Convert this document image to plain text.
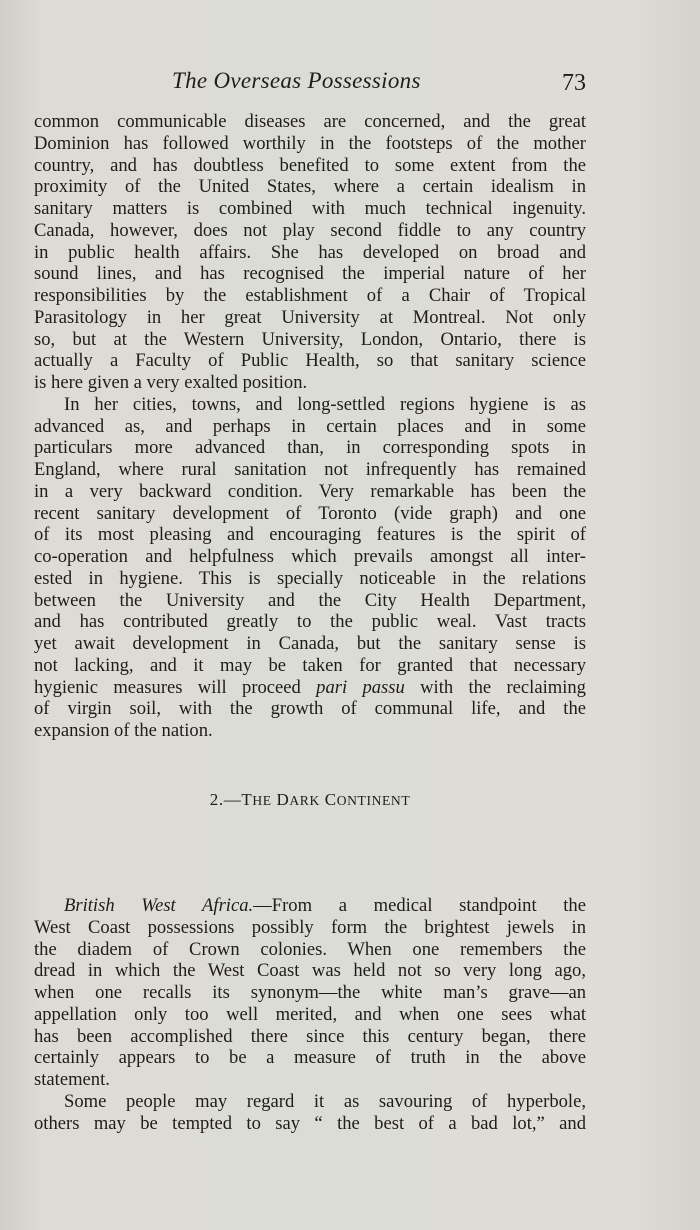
The Overseas Possessions	73

common communicable diseases are concerned, and the great
Dominion has followed worthily in the footsteps of the mother
country, and has doubtless benefited to some extent from the
proximity of the United States, where a certain idealism in
sanitary matters is combined with much technical ingenuity.
Canada, however, does not play second fiddle to any country
in public health affairs. She has developed on broad and
sound lines, and has recognised the imperial nature of her
responsibilities by the establishment of a Chair of Tropical
Parasitology in her great University at Montreal. Not only
so, but at the Western University, London, Ontario, there is
actually a Faculty of Public Health, so that sanitary science
is here given a very exalted position.

In her cities, towns, and long-settled regions hygiene is as
advanced as, and perhaps in certain places and in some
particulars more advanced than, in corresponding spots in
England, where rural sanitation not infrequently has remained
in a very backward condition. Very remarkable has been the
recent sanitary development of Toronto (vide graph) and one
of its most pleasing and encouraging features is the spirit of
co-operation and helpfulness which prevails amongst all inter-
ested in hygiene. This is specially noticeable in the relations
between the University and the City Health Department,
and has contributed greatly to the public weal. Vast tracts
yet await development in Canada, but the sanitary sense is
not lacking, and it may be taken for granted that necessary
hygienic measures will proceed pari passu with the reclaiming
of virgin soil, with the growth of communal life, and the
expansion of the nation.

2.—THE DARK CONTINENT

British West Africa.—From a medical standpoint the
West Coast possessions possibly form the brightest jewels in
the diadem of Crown colonies. When one remembers the
dread in which the West Coast was held not so very long ago,
when one recalls its synonym—the white man’s grave—an
appellation only too well merited, and when one sees what
has been accomplished there since this century began, there
certainly appears to be a measure of truth in the above
statement.

Some people may regard it as savouring of hyperbole,
others may be tempted to say “ the best of a bad lot,” and
